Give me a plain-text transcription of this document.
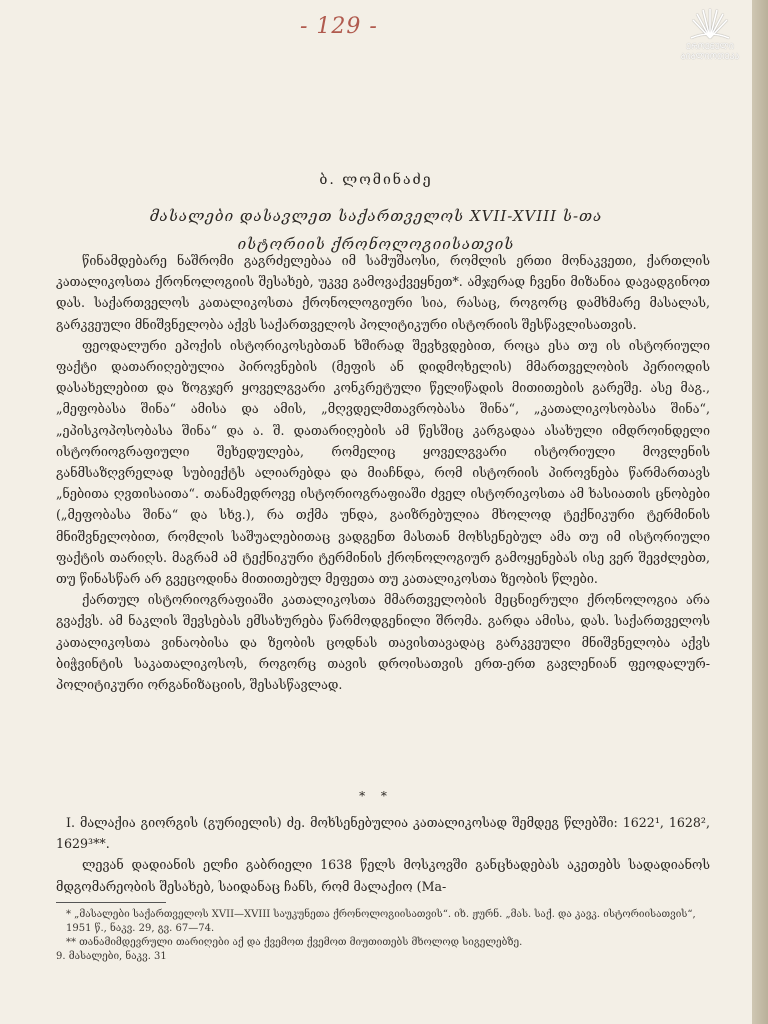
- 129 -
ᲔᲠᲝᲕᲜᲣᲚᲘ
ᲑᲘᲑᲚᲘᲝᲗᲔᲙᲐ
ბ. ლომინაძე
მასალები დასავლეთ საქართველოს XVII-XVIII ს-თა
ისტორიის ქრონოლოგიისათვის

წინამდებარე ნაშრომი გაგრძელებაა იმ სამუშაოსი, რომლის ერთი მონაკვეთი, ქართლის კათალიკოსთა ქრონოლოგიის შესახებ, უკვე გამოვაქვეყნეთ*. ამჯერად ჩვენი მიზანია დავადგინოთ დას. საქართველოს კათალიკოსთა ქრონოლოგიური სია, რასაც, როგორც დამხმარე მასალას, გარკვეული მნიშვნელობა აქვს საქართველოს პოლიტიკური ისტორიის შესწავლისათვის.

ფეოდალური ეპოქის ისტორიკოსებთან ხშირად შევხვდებით, როცა ესა თუ ის ისტორიული ფაქტი დათარიღებულია პიროვნების (მეფის ან დიდმოხელის) მმართველობის პერიოდის დასახელებით და ზოგჯერ ყოველგვარი კონკრეტული წელიწადის მითითების გარეშე. ასე მაგ., „მეფობასა შინა“ ამისა და ამის, „მღვდელმთავრობასა შინა“, „კათალიკოსობასა შინა“, „ეპისკოპოსობასა შინა“ და ა. შ. დათარიღების ამ წესშიც კარგადაა ასახული იმდროინდელი ისტორიოგრაფიული შეხედულება, რომელიც ყოველგვარი ისტორიული მოვლენის განმსაზღვრელად სუბიექტს ალიარებდა და მიაჩნდა, რომ ისტორიის პიროვნება წარმართავს „ნებითა ღვთისაითა“. თანამედროვე ისტორიოგრაფიაში ძველ ისტორიკოსთა ამ ხასიათის ცნობები („მეფობასა შინა“ და სხვ.), რა თქმა უნდა, გაიზრებულია მხოლოდ ტექნიკური ტერმინის მნიშვნელობით, რომლის საშუალებითაც ვადგენთ მასთან მოხსენებულ ამა თუ იმ ისტორიული ფაქტის თარიღს. მაგრამ ამ ტექნიკური ტერმინის ქრონოლოგიურ გამოყენებას ისე ვერ შევძლებთ, თუ წინასწარ არ გვეცოდინა მითითებულ მეფეთა თუ კათალიკოსთა ზეობის წლები.

ქართულ ისტორიოგრაფიაში კათალიკოსთა მმართველობის მეცნიერული ქრონოლოგია არა გვაქვს. ამ ნაკლის შევსებას ემსახურება წარმოდგენილი შრომა. გარდა ამისა, დას. საქართველოს კათალიკოსთა ვინაობისა და ზეობის ცოდნას თავისთავადაც გარკვეული მნიშვნელობა აქვს ბიჭვინტის საკათალიკოსოს, როგორც თავის დროისათვის ერთ-ერთ გავლენიან ფეოდალურ-პოლიტიკური ორგანიზაციის, შესასწავლად.

* *

I. მალაქია გიორგის (გურიელის) ძე. მოხსენებულია კათალიკოსად შემდეგ წლებში: 1622¹, 1628², 1629³**.

ლევან დადიანის ელჩი გაბრიელი 1638 წელს მოსკოვში განცხადებას აკეთებს სადადიანოს მდგომარეობის შესახებ, საიდანაც ჩანს, რომ მალაქიო (Ма-

* „მასალები საქართველოს XVII—XVIII საუკუნეთა ქრონოლოგიისათვის“. იხ. ჟურნ. „მას. საქ. და კავკ. ისტორიისათვის“, 1951 წ., ნაკვ. 29, გვ. 67—74.

** თანამიმდევრული თარიღები აქ და ქვემოთ ქვემოთ მიუთითებს მხოლოდ სიგელებზე.

9. მასალები, ნაკვ. 31
